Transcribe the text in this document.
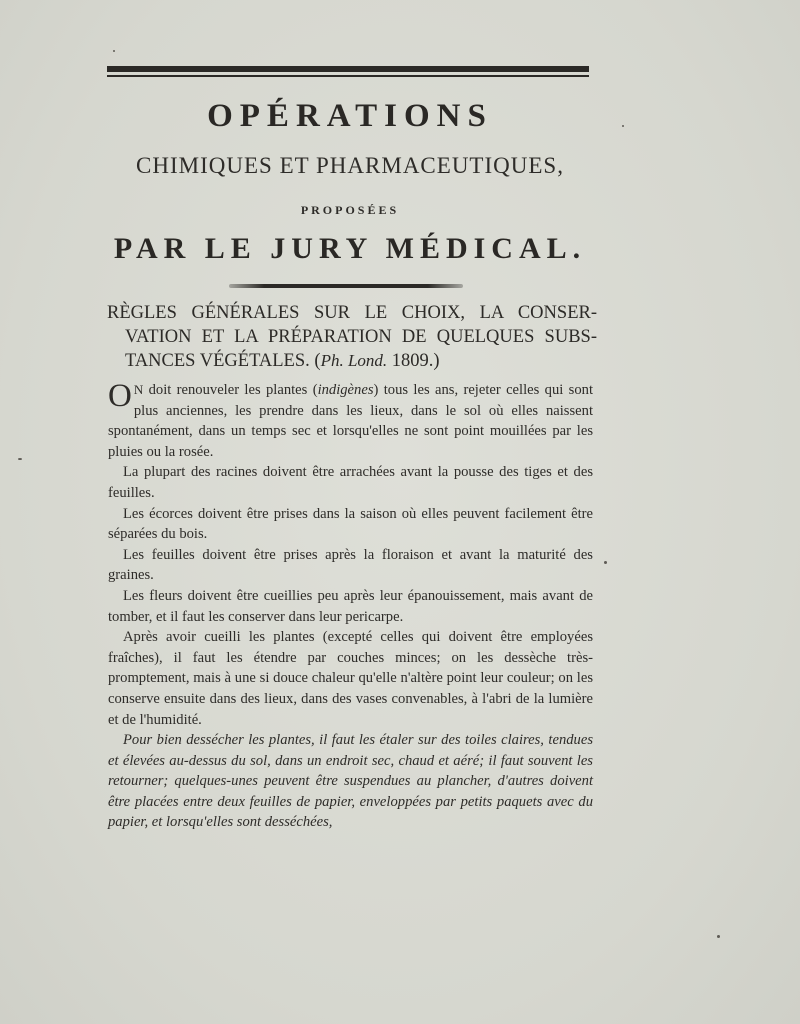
OPÉRATIONS
CHIMIQUES ET PHARMACEUTIQUES,
PROPOSÉES
PAR LE JURY MÉDICAL.
RÈGLES GÉNÉRALES SUR LE CHOIX, LA CONSER-
VATION ET LA PRÉPARATION DE QUELQUES SUBS-
TANCES VÉGÉTALES. (Ph. Lond. 1809.)

O N doit renouveler les plantes (indigènes) tous les ans, rejeter celles qui sont plus anciennes, les prendre dans les lieux, dans le sol où elles naissent spontanément, dans un temps sec et lorsqu'elles ne sont point mouillées par les pluies ou la rosée.

La plupart des racines doivent être arrachées avant la pousse des tiges et des feuilles.

Les écorces doivent être prises dans la saison où elles peuvent facilement être séparées du bois.

Les feuilles doivent être prises après la floraison et avant la maturité des graines.

Les fleurs doivent être cueillies peu après leur épanouissement, mais avant de tomber, et il faut les conserver dans leur pericarpe.

Après avoir cueilli les plantes (excepté celles qui doivent être employées fraîches), il faut les étendre par couches minces; on les dessèche très-promptement, mais à une si douce chaleur qu'elle n'altère point leur couleur; on les conserve ensuite dans des lieux, dans des vases convenables, à l'abri de la lumière et de l'humidité.

Pour bien dessécher les plantes, il faut les étaler sur des toiles claires, tendues et élevées au-dessus du sol, dans un endroit sec, chaud et aéré; il faut souvent les retourner; quelques-unes peuvent être suspendues au plancher, d'autres doivent être placées entre deux feuilles de papier, enveloppées par petits paquets avec du papier, et lorsqu'elles sont desséchées,
